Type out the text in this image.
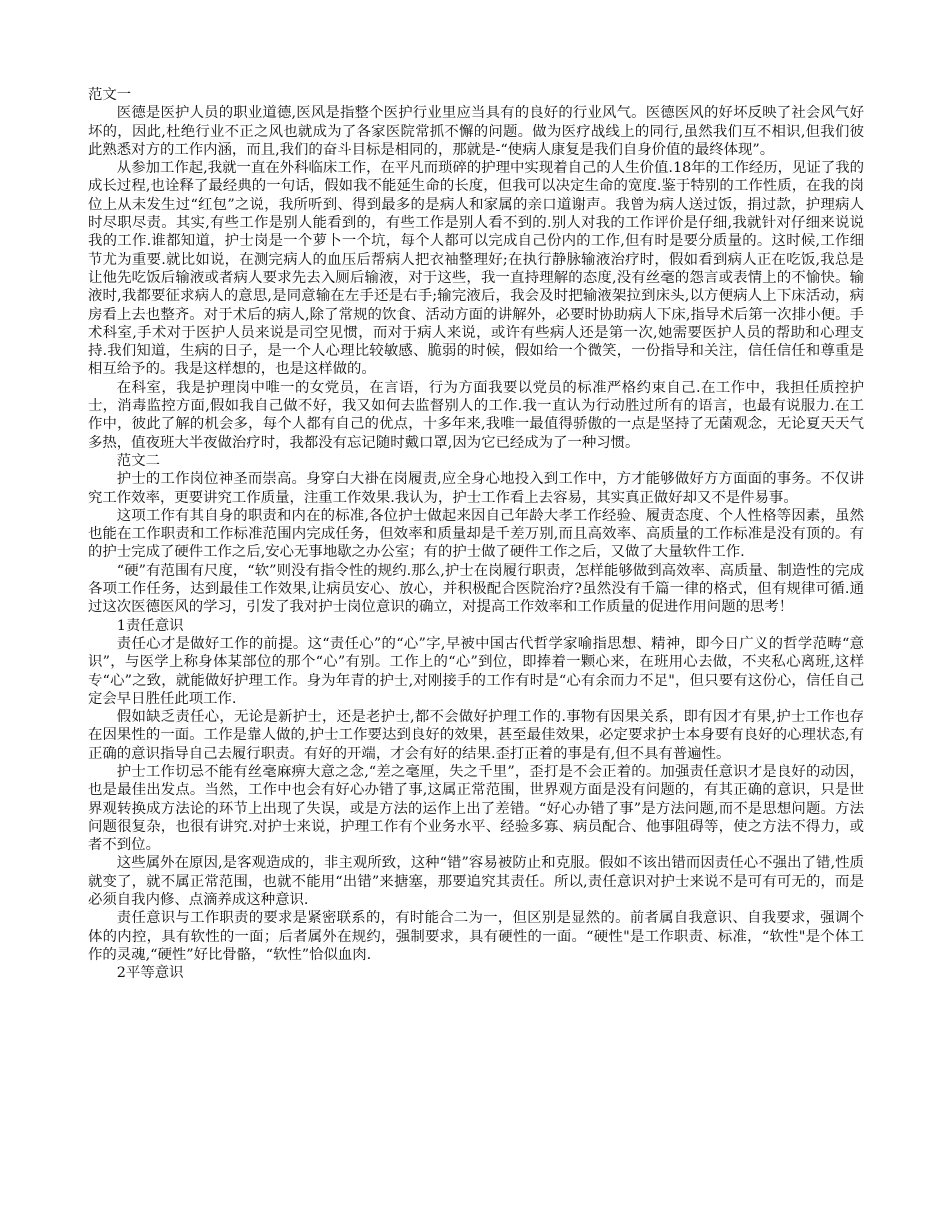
范文一

医德是医护人员的职业道德,医风是指整个医护行业里应当具有的良好的行业风气。医德医风的好坏反映了社会风气好坏的，因此,杜绝行业不正之风也就成为了各家医院常抓不懈的问题。做为医疗战线上的同行,虽然我们互不相识,但我们彼此熟悉对方的工作内涵，而且,我们的奋斗目标是相同的，那就是-“使病人康复是我们自身价值的最终体现”。

从参加工作起,我就一直在外科临床工作，在平凡而琐碎的护理中实现着自己的人生价值.18年的工作经历，见证了我的成长过程,也诠释了最经典的一句话，假如我不能延生命的长度，但我可以决定生命的宽度.鉴于特别的工作性质，在我的岗位上从未发生过“红包”之说，我所听到、得到最多的是病人和家属的亲口道谢声。我曾为病人送过饭，捐过款，护理病人时尽职尽责。其实,有些工作是别人能看到的，有些工作是别人看不到的.别人对我的工作评价是仔细,我就针对仔细来说说我的工作.谁都知道，护士岗是一个萝卜一个坑，每个人都可以完成自己份内的工作,但有时是要分质量的。这时候,工作细节尤为重要.就比如说，在测完病人的血压后帮病人把衣袖整理好;在执行静脉输液治疗时，假如看到病人正在吃饭,我总是让他先吃饭后输液或者病人要求先去入厕后输液，对于这些，我一直持理解的态度,没有丝毫的怨言或表情上的不愉快。输液时,我都要征求病人的意思,是同意输在左手还是右手;输完液后，我会及时把输液架拉到床头,以方便病人上下床活动，病房看上去也整齐。对于术后的病人,除了常规的饮食、活动方面的讲解外，必要时协助病人下床,指导术后第一次排小便。手术科室,手术对于医护人员来说是司空见惯，而对于病人来说，或许有些病人还是第一次,她需要医护人员的帮助和心理支持.我们知道，生病的日子，是一个人心理比较敏感、脆弱的时候，假如给一个微笑，一份指导和关注，信任信任和尊重是相互给予的。我是这样想的，也是这样做的。

在科室，我是护理岗中唯一的女党员，在言语，行为方面我要以党员的标准严格约束自己.在工作中，我担任质控护士，消毒监控方面,假如我自己做不好，我又如何去监督别人的工作.我一直认为行动胜过所有的语言，也最有说服力.在工作中，彼此了解的机会多，每个人都有自己的优点，十多年来,我唯一最值得骄傲的一点是坚持了无菌观念，无论夏天天气多热，值夜班大半夜做治疗时，我都没有忘记随时戴口罩,因为它已经成为了一种习惯。

范文二

护士的工作岗位神圣而崇高。身穿白大褂在岗履责,应全身心地投入到工作中，方才能够做好方方面面的事务。不仅讲究工作效率，更要讲究工作质量，注重工作效果.我认为，护士工作看上去容易，其实真正做好却又不是件易事。

这项工作有其自身的职责和内在的标准,各位护士做起来因自己年龄大孝工作经验、履责态度、个人性格等因素，虽然也能在工作职责和工作标准范围内完成任务，但效率和质量却是千差万别,而且高效率、高质量的工作标准是没有顶的。有的护士完成了硬件工作之后,安心无事地歇之办公室；有的护士做了硬件工作之后，又做了大量软件工作.

“硬”有范围有尺度，“软”则没有指令性的规约.那么,护士在岗履行职责，怎样能够做到高效率、高质量、制造性的完成各项工作任务，达到最佳工作效果,让病员安心、放心，并积极配合医院治疗?虽然没有千篇一律的格式，但有规律可循.通过这次医德医风的学习，引发了我对护士岗位意识的确立，对提高工作效率和工作质量的促进作用问题的思考！

1责任意识

责任心才是做好工作的前提。这“责任心”的“心”字,早被中国古代哲学家喻指思想、精神，即今日广义的哲学范畴“意识”，与医学上称身体某部位的那个“心”有别。工作上的“心”到位，即捧着一颗心来，在班用心去做，不夹私心离班,这样专“心”之致，就能做好护理工作。身为年青的护士,对刚接手的工作有时是“心有余而力不足"，但只要有这份心，信任自己定会早日胜任此项工作.

假如缺乏责任心，无论是新护士，还是老护士,都不会做好护理工作的.事物有因果关系，即有因才有果,护士工作也存在因果性的一面。工作是靠人做的,护士工作要达到良好的效果，甚至最佳效果，必定要求护士本身要有良好的心理状态,有正确的意识指导自己去履行职责。有好的开端，才会有好的结果.歪打正着的事是有,但不具有普遍性。

护士工作切忌不能有丝毫麻痹大意之念,“差之毫厘，失之千里”，歪打是不会正着的。加强责任意识才是良好的动因，也是最佳出发点。当然，工作中也会有好心办错了事,这属正常范围，世界观方面是没有问题的，有其正确的意识，只是世界观转换成方法论的环节上出现了失误，或是方法的运作上出了差错。“好心办错了事”是方法问题,而不是思想问题。方法问题很复杂，也很有讲究.对护士来说，护理工作有个业务水平、经验多寡、病员配合、他事阻碍等，使之方法不得力，或者不到位。

这些属外在原因,是客观造成的，非主观所致，这种“错”容易被防止和克服。假如不该出错而因责任心不强出了错,性质就变了，就不属正常范围，也就不能用“出错”来搪塞，那要追究其责任。所以,责任意识对护士来说不是可有可无的，而是必须自我内修、点滴养成这种意识.

责任意识与工作职责的要求是紧密联系的，有时能合二为一，但区别是显然的。前者属自我意识、自我要求，强调个体的内控，具有软性的一面；后者属外在规约，强制要求，具有硬性的一面。“硬性"是工作职责、标准，“软性"是个体工作的灵魂,“硬性”好比骨骼，“软性”恰似血肉.

2平等意识
